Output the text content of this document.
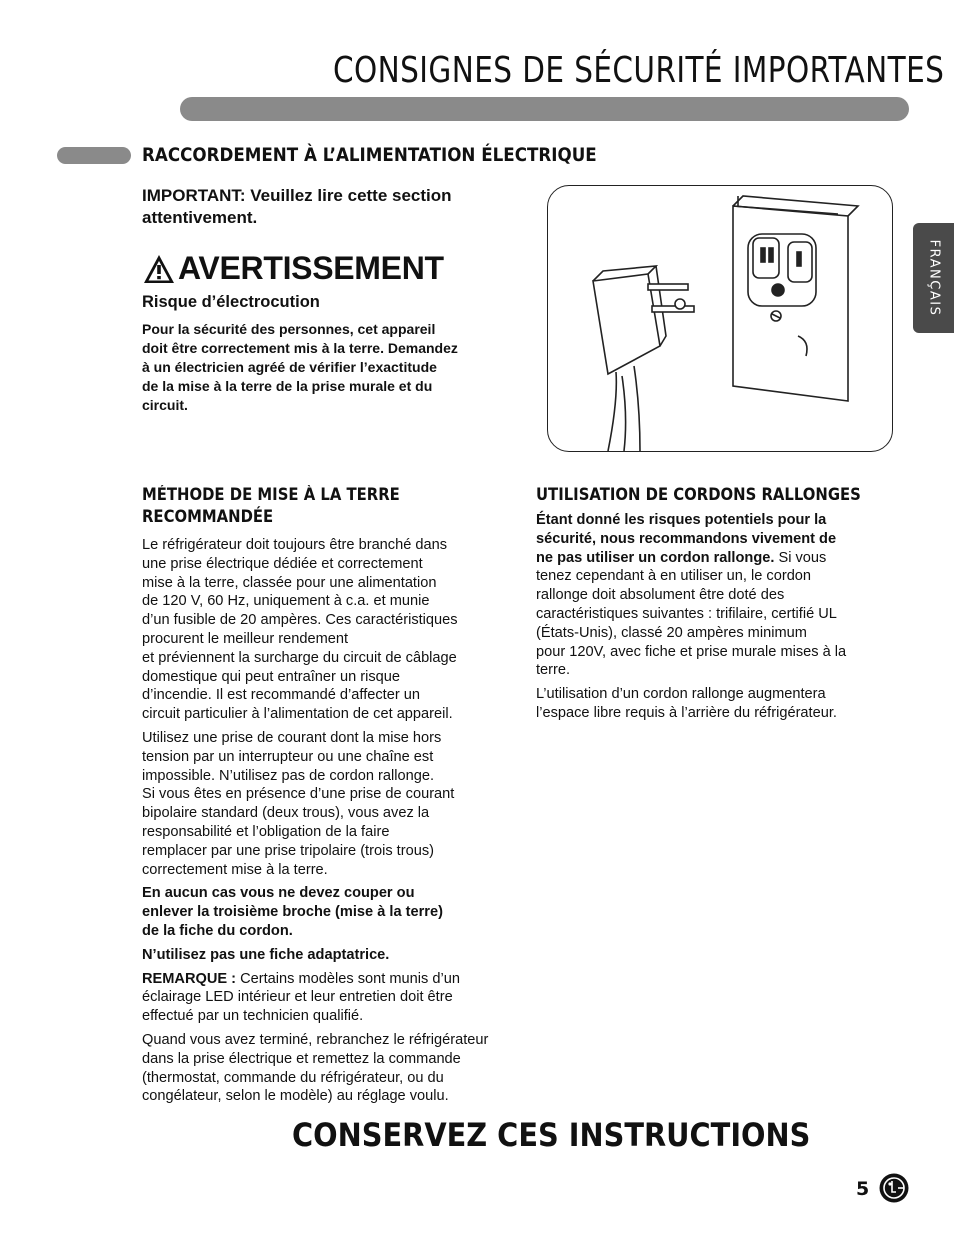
CONSIGNES DE SÉCURITÉ IMPORTANTES
FRANÇAIS
RACCORDEMENT À L’ALIMENTATION ÉLECTRIQUE
IMPORTANT: Veuillez lire cette section
attentivement.
AVERTISSEMENT
Risque d’électrocution
Pour la sécurité des personnes, cet appareil
doit être correctement mis à la terre. Demandez
à un électricien agréé de vérifier l’exactitude
de la mise à la terre de la prise murale et du
circuit.
MÉTHODE DE MISE À LA TERRE
RECOMMANDÉE

Le réfrigérateur doit toujours être branché dans
une prise électrique dédiée et correctement
mise à la terre, classée pour une alimentation
de 120 V, 60 Hz, uniquement à c.a. et munie
d’un fusible de 20 ampères. Ces caractéristiques
procurent le meilleur rendement
et préviennent la surcharge du circuit de câblage
domestique qui peut entraîner un risque
d’incendie. Il est recommandé d’affecter un
circuit particulier à l’alimentation de cet appareil.

Utilisez une prise de courant dont la mise hors
tension par un interrupteur ou une chaîne est
impossible. N’utilisez pas de cordon rallonge.
Si vous êtes en présence d’une prise de courant
bipolaire standard (deux trous), vous avez la
responsabilité et l’obligation de la faire
remplacer par une prise tripolaire (trois trous)
correctement mise à la terre.

En aucun cas vous ne devez couper ou
enlever la troisième broche (mise à la terre)
de la fiche du cordon.

N’utilisez pas une fiche adaptatrice.

REMARQUE : Certains modèles sont munis d’un
éclairage LED intérieur et leur entretien doit être
effectué par un technicien qualifié.

Quand vous avez terminé, rebranchez le réfrigérateur
dans la prise électrique et remettez la commande
(thermostat, commande du réfrigérateur, ou du
congélateur, selon le modèle) au réglage voulu.

UTILISATION DE CORDONS RALLONGES

Étant donné les risques potentiels pour la
sécurité, nous recommandons vivement de
ne pas utiliser un cordon rallonge. Si vous
tenez cependant à en utiliser un, le cordon
rallonge doit absolument être doté des
caractéristiques suivantes : trifilaire, certifié UL
(États-Unis), classé 20 ampères minimum
pour 120V, avec fiche et prise murale mises à la
terre.

L’utilisation d’un cordon rallonge augmentera
l’espace libre requis à l’arrière du réfrigérateur.

CONSERVEZ CES INSTRUCTIONS
5
